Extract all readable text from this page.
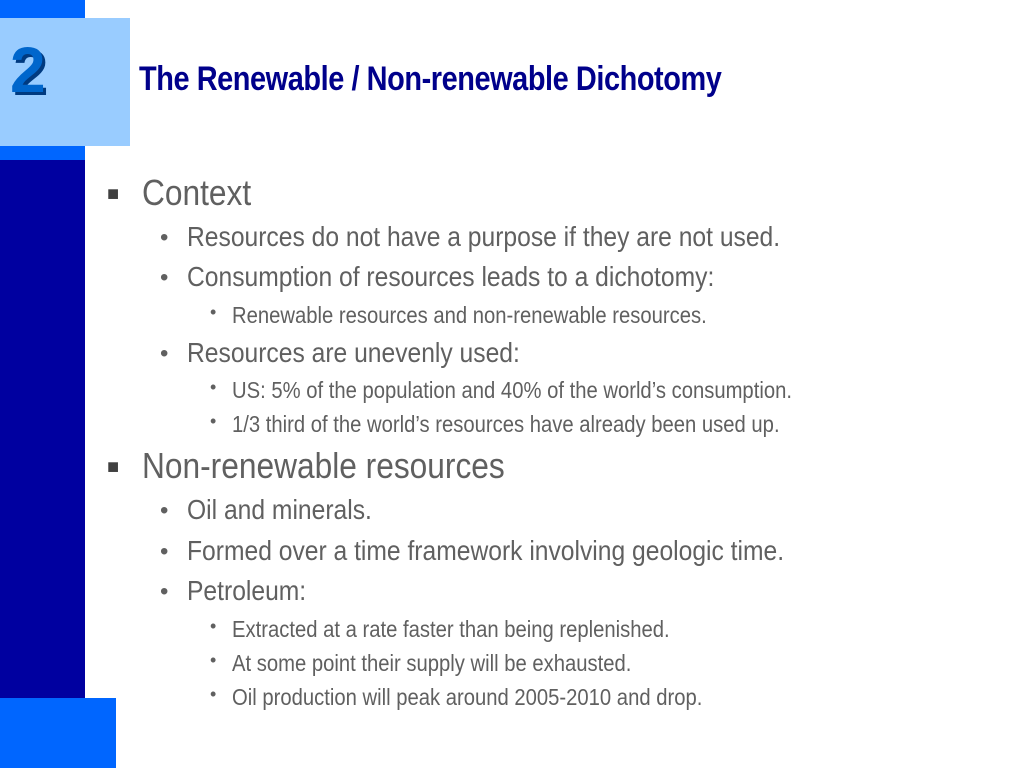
2	The Renewable / Non-renewable Dichotomy
■ Context
• Resources do not have a purpose if they are not used.
• Consumption of resources leads to a dichotomy:
• Renewable resources and non-renewable resources.
• Resources are unevenly used:
• US: 5% of the population and 40% of the world’s consumption.
• 1/3 third of the world’s resources have already been used up.
■ Non-renewable resources
• Oil and minerals.
• Formed over a time framework involving geologic time.
• Petroleum:
• Extracted at a rate faster than being replenished.
• At some point their supply will be exhausted.
• Oil production will peak around 2005-2010 and drop.
